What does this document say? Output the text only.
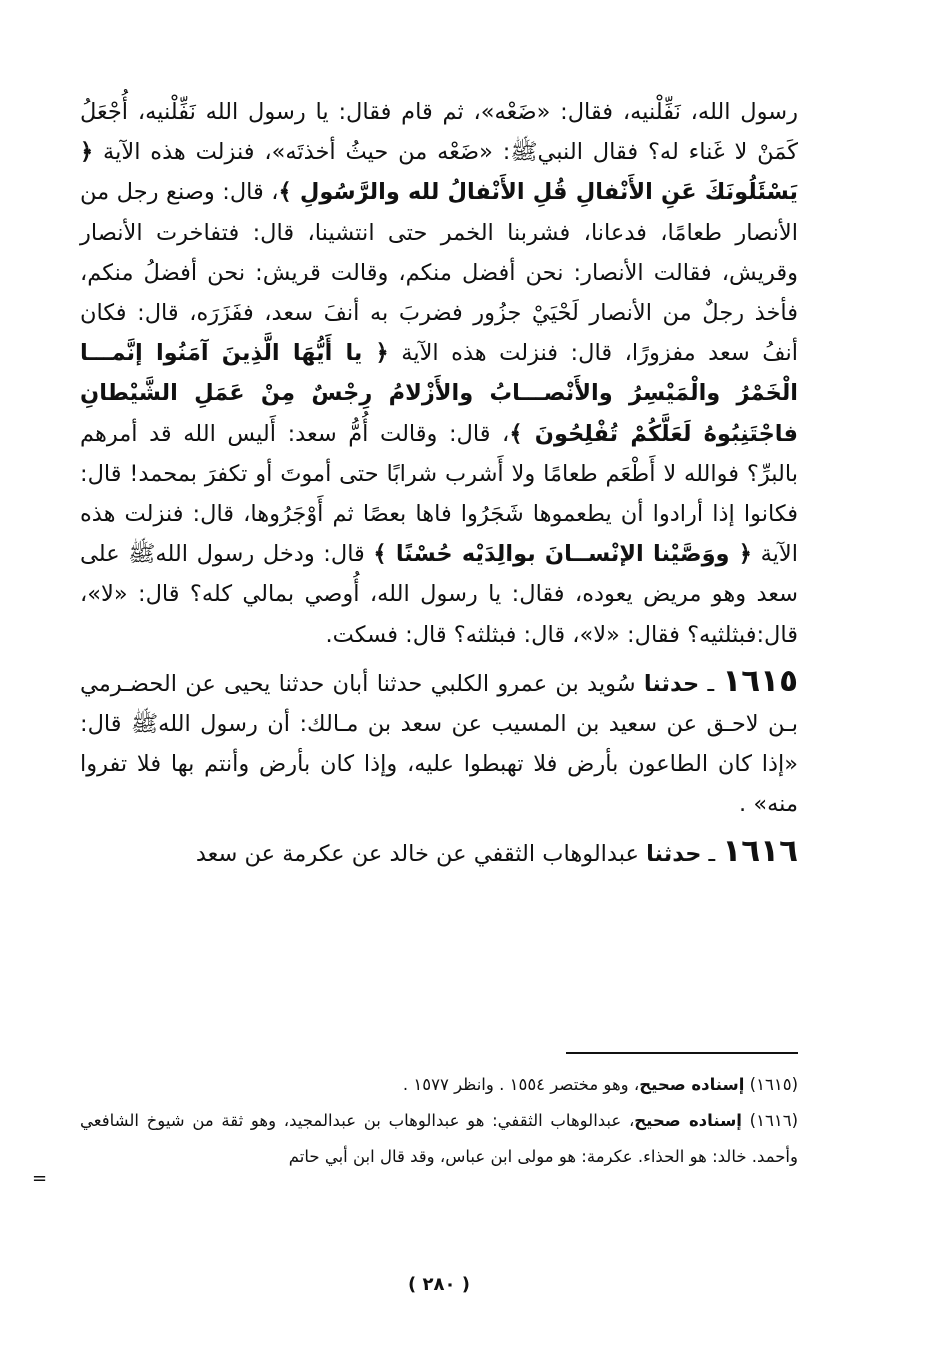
رسول الله، نَفِّلْنيه، فقال: «ضَعْه»، ثم قام فقال: يا رسول الله نَفِّلْنيه، أُجْعَلُ كَمَنْ لا غَناء له؟ فقال النبيﷺ: «ضَعْه من حيثُ أخذتَه»، فنزلت هذه الآية ﴿ يَسْئَلُونَكَ عَنِ الأَنْفالِ قُلِ الأَنْفالُ لله والرَّسُولِ ﴾، قال: وصنع رجل من الأنصار طعامًا، فدعانا، فشربنا الخمر حتى انتشينا، قال: فتفاخرت الأنصار وقريش، فقالت الأنصار: نحن أفضل منكم، وقالت قريش: نحن أفضلُ منكم، فأخذ رجلٌ من الأنصار لَحْيَيْ جزُور فضربَ به أنفَ سعد، ففَزَرَه، قال: فكان أنفُ سعد مفزورًا، قال: فنزلت هذه الآية ﴿ يا أَيُّهَا الَّذِينَ آمَنُوا إنَّمـــا الْخَمْرُ والْمَيْسِرُ والأَنْصـــابُ والأَزْلامُ رِجْسٌ مِنْ عَمَلِ الشَّيْطانِ فاجْتَنِبُوهُ لَعَلَّكُمْ تُفْلِحُونَ ﴾، قال: وقالت أُمُّ سعد: أَليس الله قد أمرهم بالبرِّ؟ فوالله لا أَطْعَم طعامًا ولا أَشرب شرابًا حتى أموتَ أو تكفرَ بمحمد! قال: فكانوا إذا أرادوا أن يطعموها شَجَرُوا فاها بعصًا ثم أَوْجَرُوها، قال: فنزلت هذه الآية ﴿ ووَصَّيْنا الإنْســانَ بوالِدَيْه حُسْنًا ﴾ قال: ودخل رسول اللهﷺ على سعد وهو مريض يعوده، فقال: يا رسول الله، أُوصي بمالي كله؟ قال: «لا»، قال:فبثلثيه؟ فقال: «لا»، قال: فبثلثه؟ قال: فسكت.

١٦١٥ ـ حدثنا سُويد بن عمرو الكلبي حدثنا أبان حدثنا يحيى عن الحضـرمي بـن لاحـق عن سعيد بن المسيب عن سعد بن مـالك: أن رسول اللهﷺ قال: «إذا كان الطاعون بأرض فلا تهبطوا عليه، وإذا كان بأرض وأنتم بها فلا تفروا منه» .

١٦١٦ ـ حدثنا عبدالوهاب الثقفي عن خالد عن عكرمة عن سعد

(١٦١٥) إسناده صحيح، وهو مختصر ١٥٥٤ . وانظر ١٥٧٧ .

(١٦١٦) إسناده صحيح، عبدالوهاب الثقفي: هو عبدالوهاب بن عبدالمجيد، وهو ثقة من شيوخ الشافعي وأحمد. خالد: هو الحذاء. عكرمة: هو مولى ابن عباس، وقد قال ابن أبي حاتم

=
( ٢٨٠ )
